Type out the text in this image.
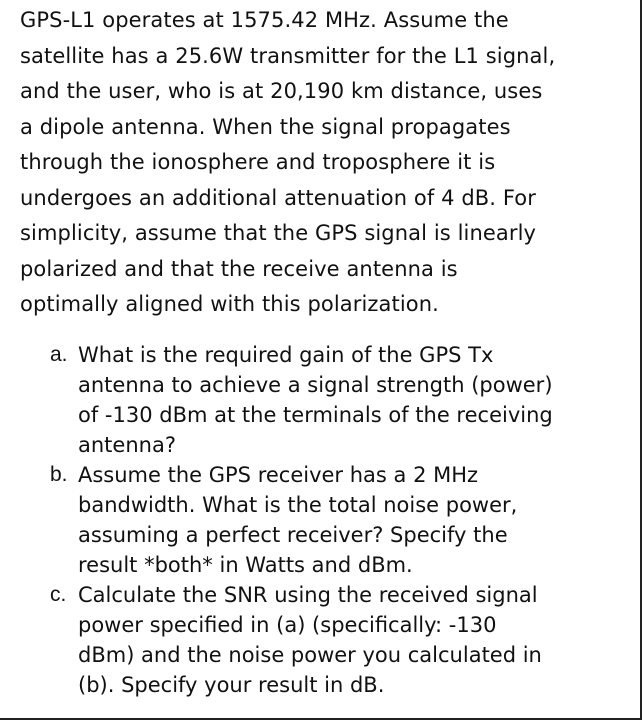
GPS-L1 operates at 1575.42 MHz. Assume the
satellite has a 25.6W transmitter for the L1 signal,
and the user, who is at 20,190 km distance, uses
a dipole antenna. When the signal propagates
through the ionosphere and troposphere it is
undergoes an additional attenuation of 4 dB. For
simplicity, assume that the GPS signal is linearly
polarized and that the receive antenna is
optimally aligned with this polarization.
a. What is the required gain of the GPS Tx
antenna to achieve a signal strength (power)
of -130 dBm at the terminals of the receiving
antenna?
b. Assume the GPS receiver has a 2 MHz
bandwidth. What is the total noise power,
assuming a perfect receiver? Specify the
result *both* in Watts and dBm.
c. Calculate the SNR using the received signal
power specified in (a) (specifically: -130
dBm) and the noise power you calculated in
(b). Specify your result in dB.
